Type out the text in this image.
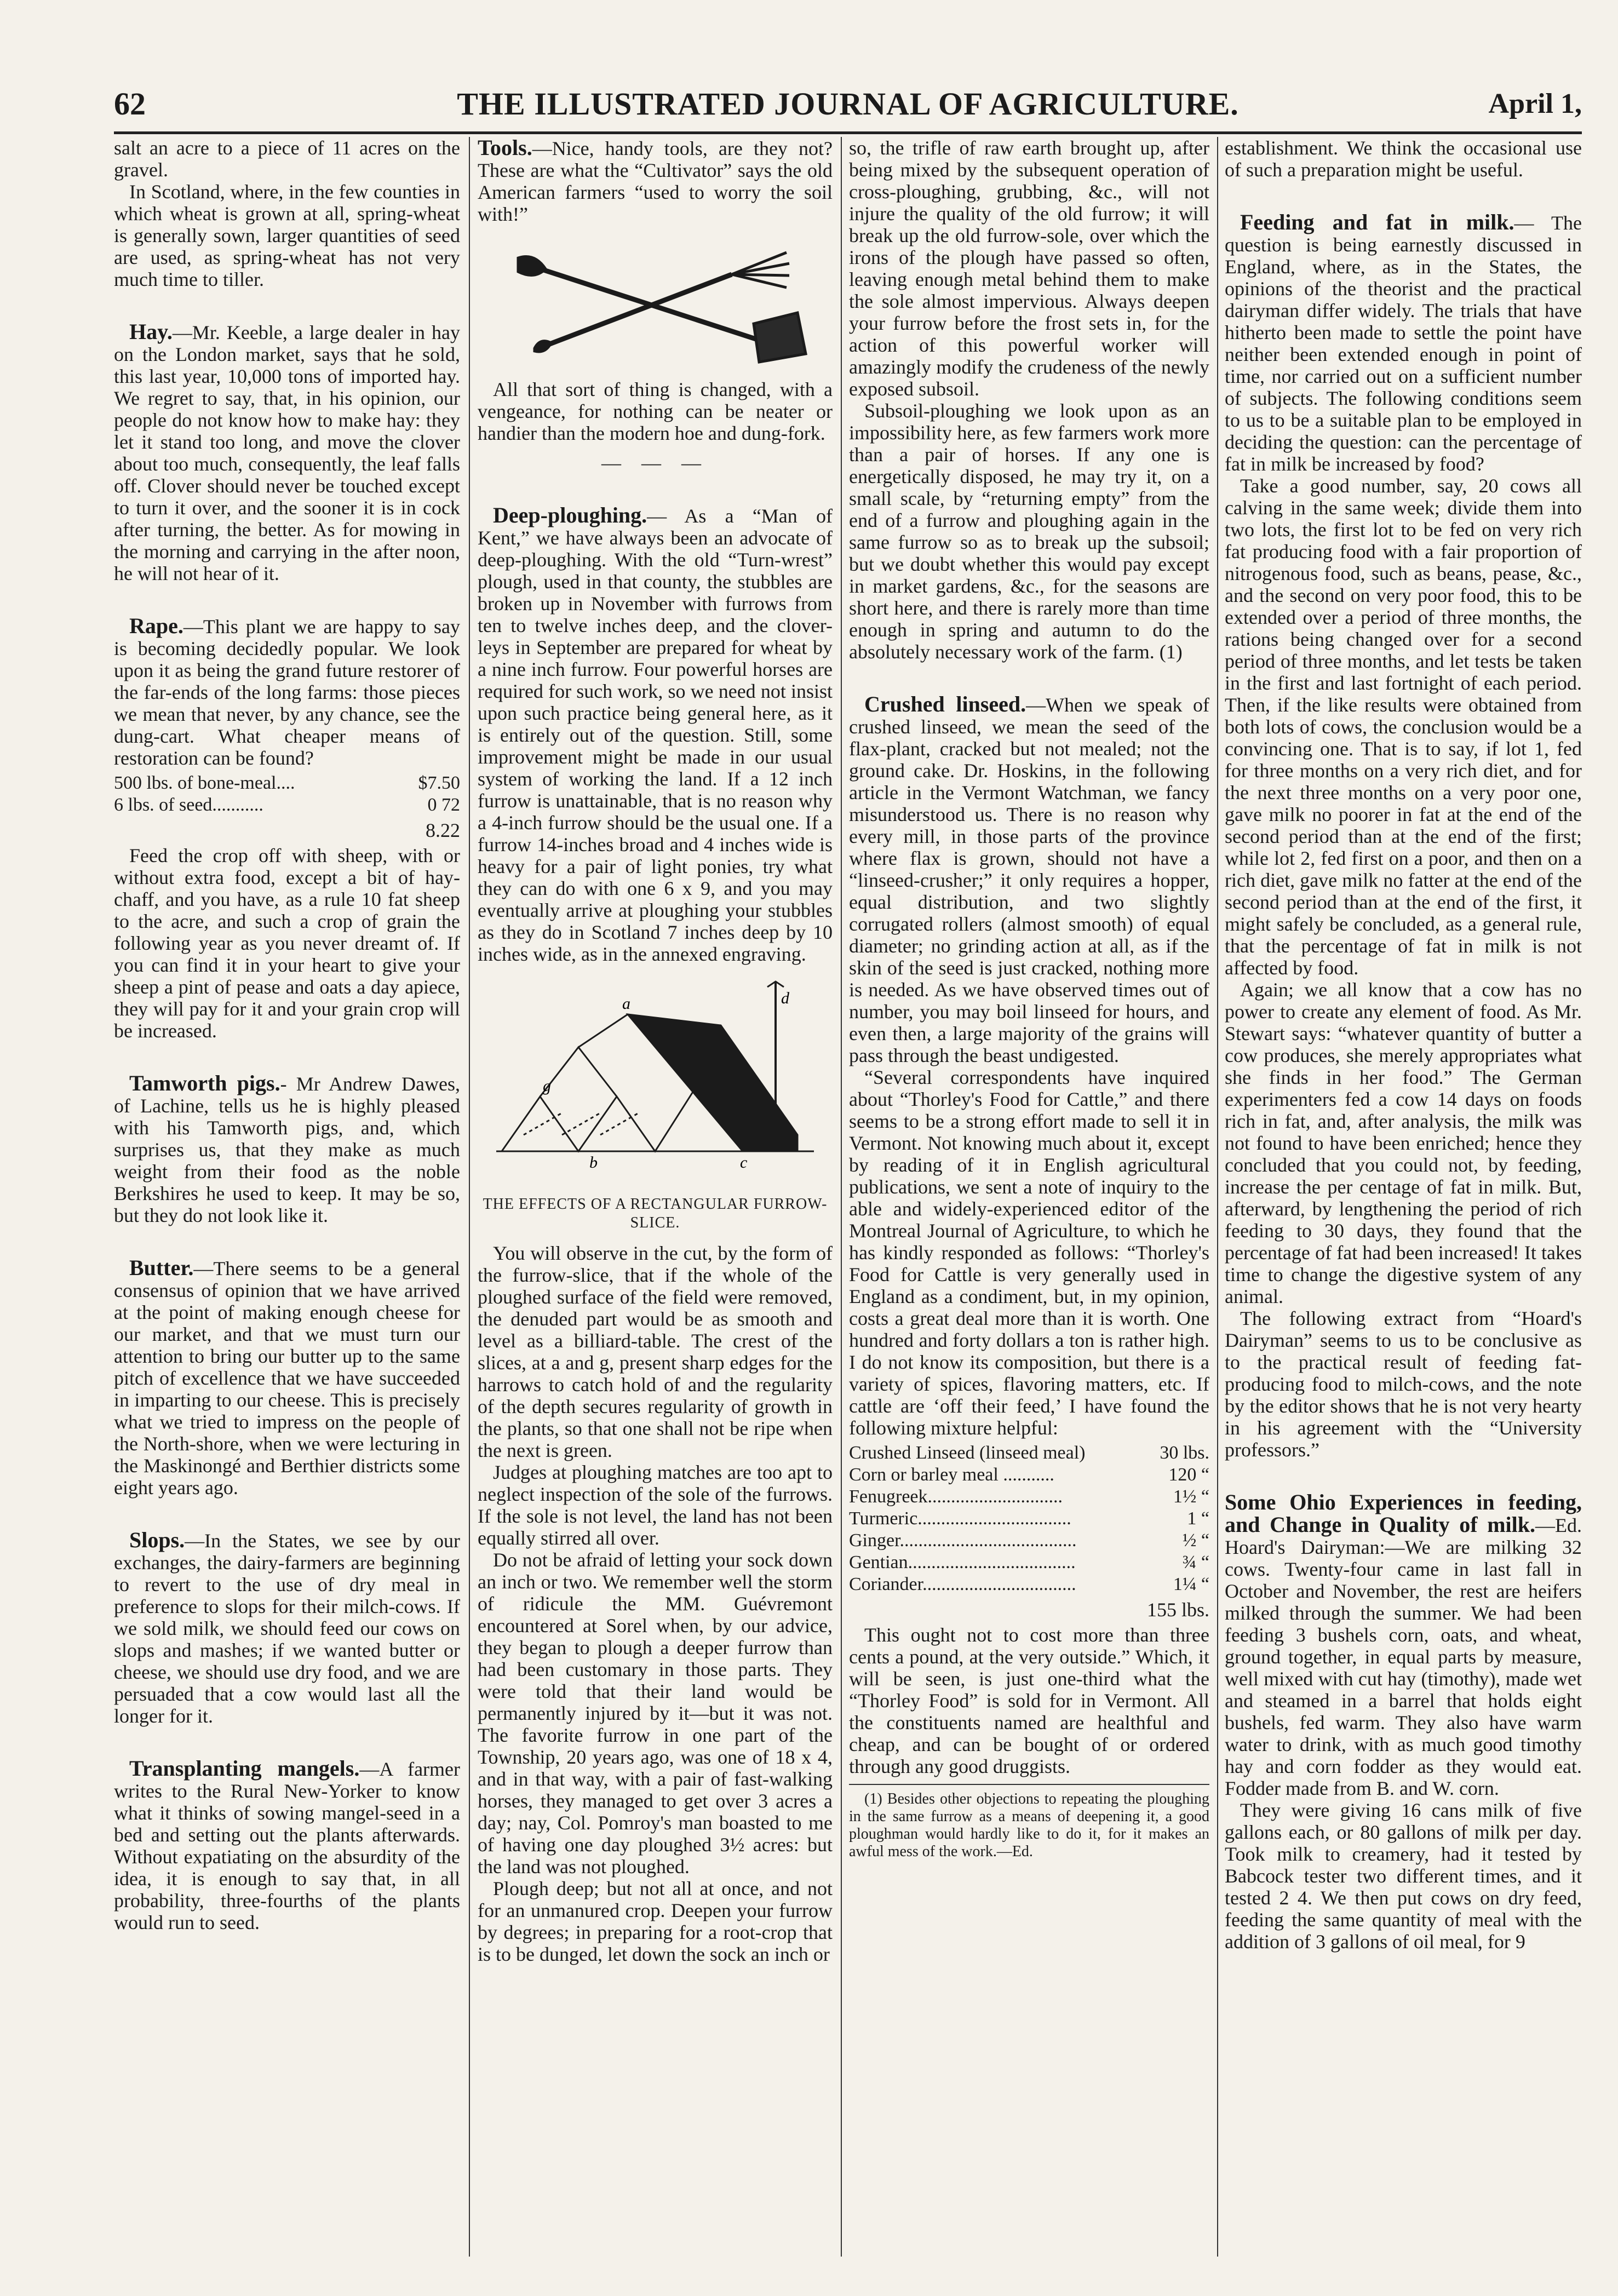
62	THE ILLUSTRATED JOURNAL OF AGRICULTURE.	April 1,

salt an acre to a piece of 11 acres on the gravel.

In Scotland, where, in the few counties in which wheat is grown at all, spring-wheat is generally sown, larger quantities of seed are used, as spring-wheat has not very much time to tiller.

Hay.—Mr. Keeble, a large dealer in hay on the London market, says that he sold, this last year, 10,000 tons of imported hay. We regret to say, that, in his opinion, our people do not know how to make hay: they let it stand too long, and move the clover about too much, consequently, the leaf falls off. Clover should never be touched except to turn it over, and the sooner it is in cock after turning, the better. As for mowing in the morning and carrying in the after noon, he will not hear of it.

Rape.—This plant we are happy to say is becoming decidedly popular. We look upon it as being the grand future restorer of the far-ends of the long farms: those pieces we mean that never, by any chance, see the dung-cart. What cheaper means of restoration can be found?

500 lbs. of bone-meal....	$7.50
6 lbs. of seed...........	0 72
8.22

Feed the crop off with sheep, with or without extra food, except a bit of hay-chaff, and you have, as a rule 10 fat sheep to the acre, and such a crop of grain the following year as you never dreamt of. If you can find it in your heart to give your sheep a pint of pease and oats a day apiece, they will pay for it and your grain crop will be increased.

Tamworth pigs.- Mr Andrew Dawes, of Lachine, tells us he is highly pleased with his Tamworth pigs, and, which surprises us, that they make as much weight from their food as the noble Berkshires he used to keep. It may be so, but they do not look like it.

Butter.—There seems to be a general consensus of opinion that we have arrived at the point of making enough cheese for our market, and that we must turn our attention to bring our butter up to the same pitch of excellence that we have succeeded in imparting to our cheese. This is precisely what we tried to impress on the people of the North-shore, when we were lecturing in the Maskinongé and Berthier districts some eight years ago.

Slops.—In the States, we see by our exchanges, the dairy-farmers are beginning to revert to the use of dry meal in preference to slops for their milch-cows. If we sold milk, we should feed our cows on slops and mashes; if we wanted butter or cheese, we should use dry food, and we are persuaded that a cow would last all the longer for it.

Transplanting mangels.—A farmer writes to the Rural New-Yorker to know what it thinks of sowing mangel-seed in a bed and setting out the plants afterwards. Without expatiating on the absurdity of the idea, it is enough to say that, in all probability, three-fourths of the plants would run to seed.

Tools.—Nice, handy tools, are they not? These are what the “Cultivator” says the old American farmers “used to worry the soil with!”

All that sort of thing is changed, with a vengeance, for nothing can be neater or handier than the modern hoe and dung-fork.

— — —

Deep-ploughing.— As a “Man of Kent,” we have always been an advocate of deep-ploughing. With the old “Turn-wrest” plough, used in that county, the stubbles are broken up in November with furrows from ten to twelve inches deep, and the clover-leys in September are prepared for wheat by a nine inch furrow. Four powerful horses are required for such work, so we need not insist upon such practice being general here, as it is entirely out of the question. Still, some improvement might be made in our usual system of working the land. If a 12 inch furrow is unattainable, that is no reason why a 4-inch furrow should be the usual one. If a furrow 14-inches broad and 4 inches wide is heavy for a pair of light ponies, try what they can do with one 6 x 9, and you may eventually arrive at ploughing your stubbles as they do in Scotland 7 inches deep by 10 inches wide, as in the annexed engraving.

a
b	c
d
g
THE EFFECTS OF A RECTANGULAR FURROW-SLICE.

You will observe in the cut, by the form of the furrow-slice, that if the whole of the ploughed surface of the field were removed, the denuded part would be as smooth and level as a billiard-table. The crest of the slices, at a and g, present sharp edges for the harrows to catch hold of and the regularity of the depth secures regularity of growth in the plants, so that one shall not be ripe when the next is green.

Judges at ploughing matches are too apt to neglect inspection of the sole of the furrows. If the sole is not level, the land has not been equally stirred all over.

Do not be afraid of letting your sock down an inch or two. We remember well the storm of ridicule the MM. Guévremont encountered at Sorel when, by our advice, they began to plough a deeper furrow than had been customary in those parts. They were told that their land would be permanently injured by it—but it was not. The favorite furrow in one part of the Township, 20 years ago, was one of 18 x 4, and in that way, with a pair of fast-walking horses, they managed to get over 3 acres a day; nay, Col. Pomroy's man boasted to me of having one day ploughed 3½ acres: but the land was not ploughed.

Plough deep; but not all at once, and not for an unmanured crop. Deepen your furrow by degrees; in preparing for a root-crop that is to be dunged, let down the sock an inch or

so, the trifle of raw earth brought up, after being mixed by the subsequent operation of cross-ploughing, grubbing, &c., will not injure the quality of the old furrow; it will break up the old furrow-sole, over which the irons of the plough have passed so often, leaving enough metal behind them to make the sole almost impervious. Always deepen your furrow before the frost sets in, for the action of this powerful worker will amazingly modify the crudeness of the newly exposed subsoil.

Subsoil-ploughing we look upon as an impossibility here, as few farmers work more than a pair of horses. If any one is energetically disposed, he may try it, on a small scale, by “returning empty” from the end of a furrow and ploughing again in the same furrow so as to break up the subsoil; but we doubt whether this would pay except in market gardens, &c., for the seasons are short here, and there is rarely more than time enough in spring and autumn to do the absolutely necessary work of the farm. (1)

Crushed linseed.—When we speak of crushed linseed, we mean the seed of the flax-plant, cracked but not mealed; not the ground cake. Dr. Hoskins, in the following article in the Vermont Watchman, we fancy misunderstood us. There is no reason why every mill, in those parts of the province where flax is grown, should not have a “linseed-crusher;” it only requires a hopper, equal distribution, and two slightly corrugated rollers (almost smooth) of equal diameter; no grinding action at all, as if the skin of the seed is just cracked, nothing more is needed. As we have observed times out of number, you may boil linseed for hours, and even then, a large majority of the grains will pass through the beast undigested.

“Several correspondents have inquired about “Thorley's Food for Cattle,” and there seems to be a strong effort made to sell it in Vermont. Not knowing much about it, except by reading of it in English agricultural publications, we sent a note of inquiry to the able and widely-experienced editor of the Montreal Journal of Agriculture, to which he has kindly responded as follows: “Thorley's Food for Cattle is very generally used in England as a condiment, but, in my opinion, costs a great deal more than it is worth. One hundred and forty dollars a ton is rather high. I do not know its composition, but there is a variety of spices, flavoring matters, etc. If cattle are ‘off their feed,’ I have found the following mixture helpful:

Crushed Linseed (linseed meal)	30 lbs.
Corn or barley meal ...........	120 “
Fenugreek.............................	1½ “
Turmeric.................................	1 “
Ginger......................................	½ “
Gentian....................................	¾ “
Coriander.................................	1¼ “
155 lbs.

This ought not to cost more than three cents a pound, at the very outside.” Which, it will be seen, is just one-third what the “Thorley Food” is sold for in Vermont. All the constituents named are healthful and cheap, and can be bought of or ordered through any good druggists.

(1) Besides other objections to repeating the ploughing in the same furrow as a means of deepening it, a good ploughman would hardly like to do it, for it makes an awful mess of the work.—Ed.

establishment. We think the occasional use of such a preparation might be useful.

Feeding and fat in milk.— The question is being earnestly discussed in England, where, as in the States, the opinions of the theorist and the practical dairyman differ widely. The trials that have hitherto been made to settle the point have neither been extended enough in point of time, nor carried out on a sufficient number of subjects. The following conditions seem to us to be a suitable plan to be employed in deciding the question: can the percentage of fat in milk be increased by food?

Take a good number, say, 20 cows all calving in the same week; divide them into two lots, the first lot to be fed on very rich fat producing food with a fair proportion of nitrogenous food, such as beans, pease, &c., and the second on very poor food, this to be extended over a period of three months, the rations being changed over for a second period of three months, and let tests be taken in the first and last fortnight of each period. Then, if the like results were obtained from both lots of cows, the conclusion would be a convincing one. That is to say, if lot 1, fed for three months on a very rich diet, and for the next three months on a very poor one, gave milk no poorer in fat at the end of the second period than at the end of the first; while lot 2, fed first on a poor, and then on a rich diet, gave milk no fatter at the end of the second period than at the end of the first, it might safely be concluded, as a general rule, that the percentage of fat in milk is not affected by food.

Again; we all know that a cow has no power to create any element of food. As Mr. Stewart says: “whatever quantity of butter a cow produces, she merely appropriates what she finds in her food.” The German experimenters fed a cow 14 days on foods rich in fat, and, after analysis, the milk was not found to have been enriched; hence they concluded that you could not, by feeding, increase the per centage of fat in milk. But, afterward, by lengthening the period of rich feeding to 30 days, they found that the percentage of fat had been increased! It takes time to change the digestive system of any animal.

The following extract from “Hoard's Dairyman” seems to us to be conclusive as to the practical result of feeding fat-producing food to milch-cows, and the note by the editor shows that he is not very hearty in his agreement with the “University professors.”

Some Ohio Experiences in feeding, and Change in Quality of milk.—Ed. Hoard's Dairyman:—We are milking 32 cows. Twenty-four came in last fall in October and November, the rest are heifers milked through the summer. We had been feeding 3 bushels corn, oats, and wheat, ground together, in equal parts by measure, well mixed with cut hay (timothy), made wet and steamed in a barrel that holds eight bushels, fed warm. They also have warm water to drink, with as much good timothy hay and corn fodder as they would eat. Fodder made from B. and W. corn.

They were giving 16 cans milk of five gallons each, or 80 gallons of milk per day. Took milk to creamery, had it tested by Babcock tester two different times, and it tested 2 4. We then put cows on dry feed, feeding the same quantity of meal with the addition of 3 gallons of oil meal, for 9
